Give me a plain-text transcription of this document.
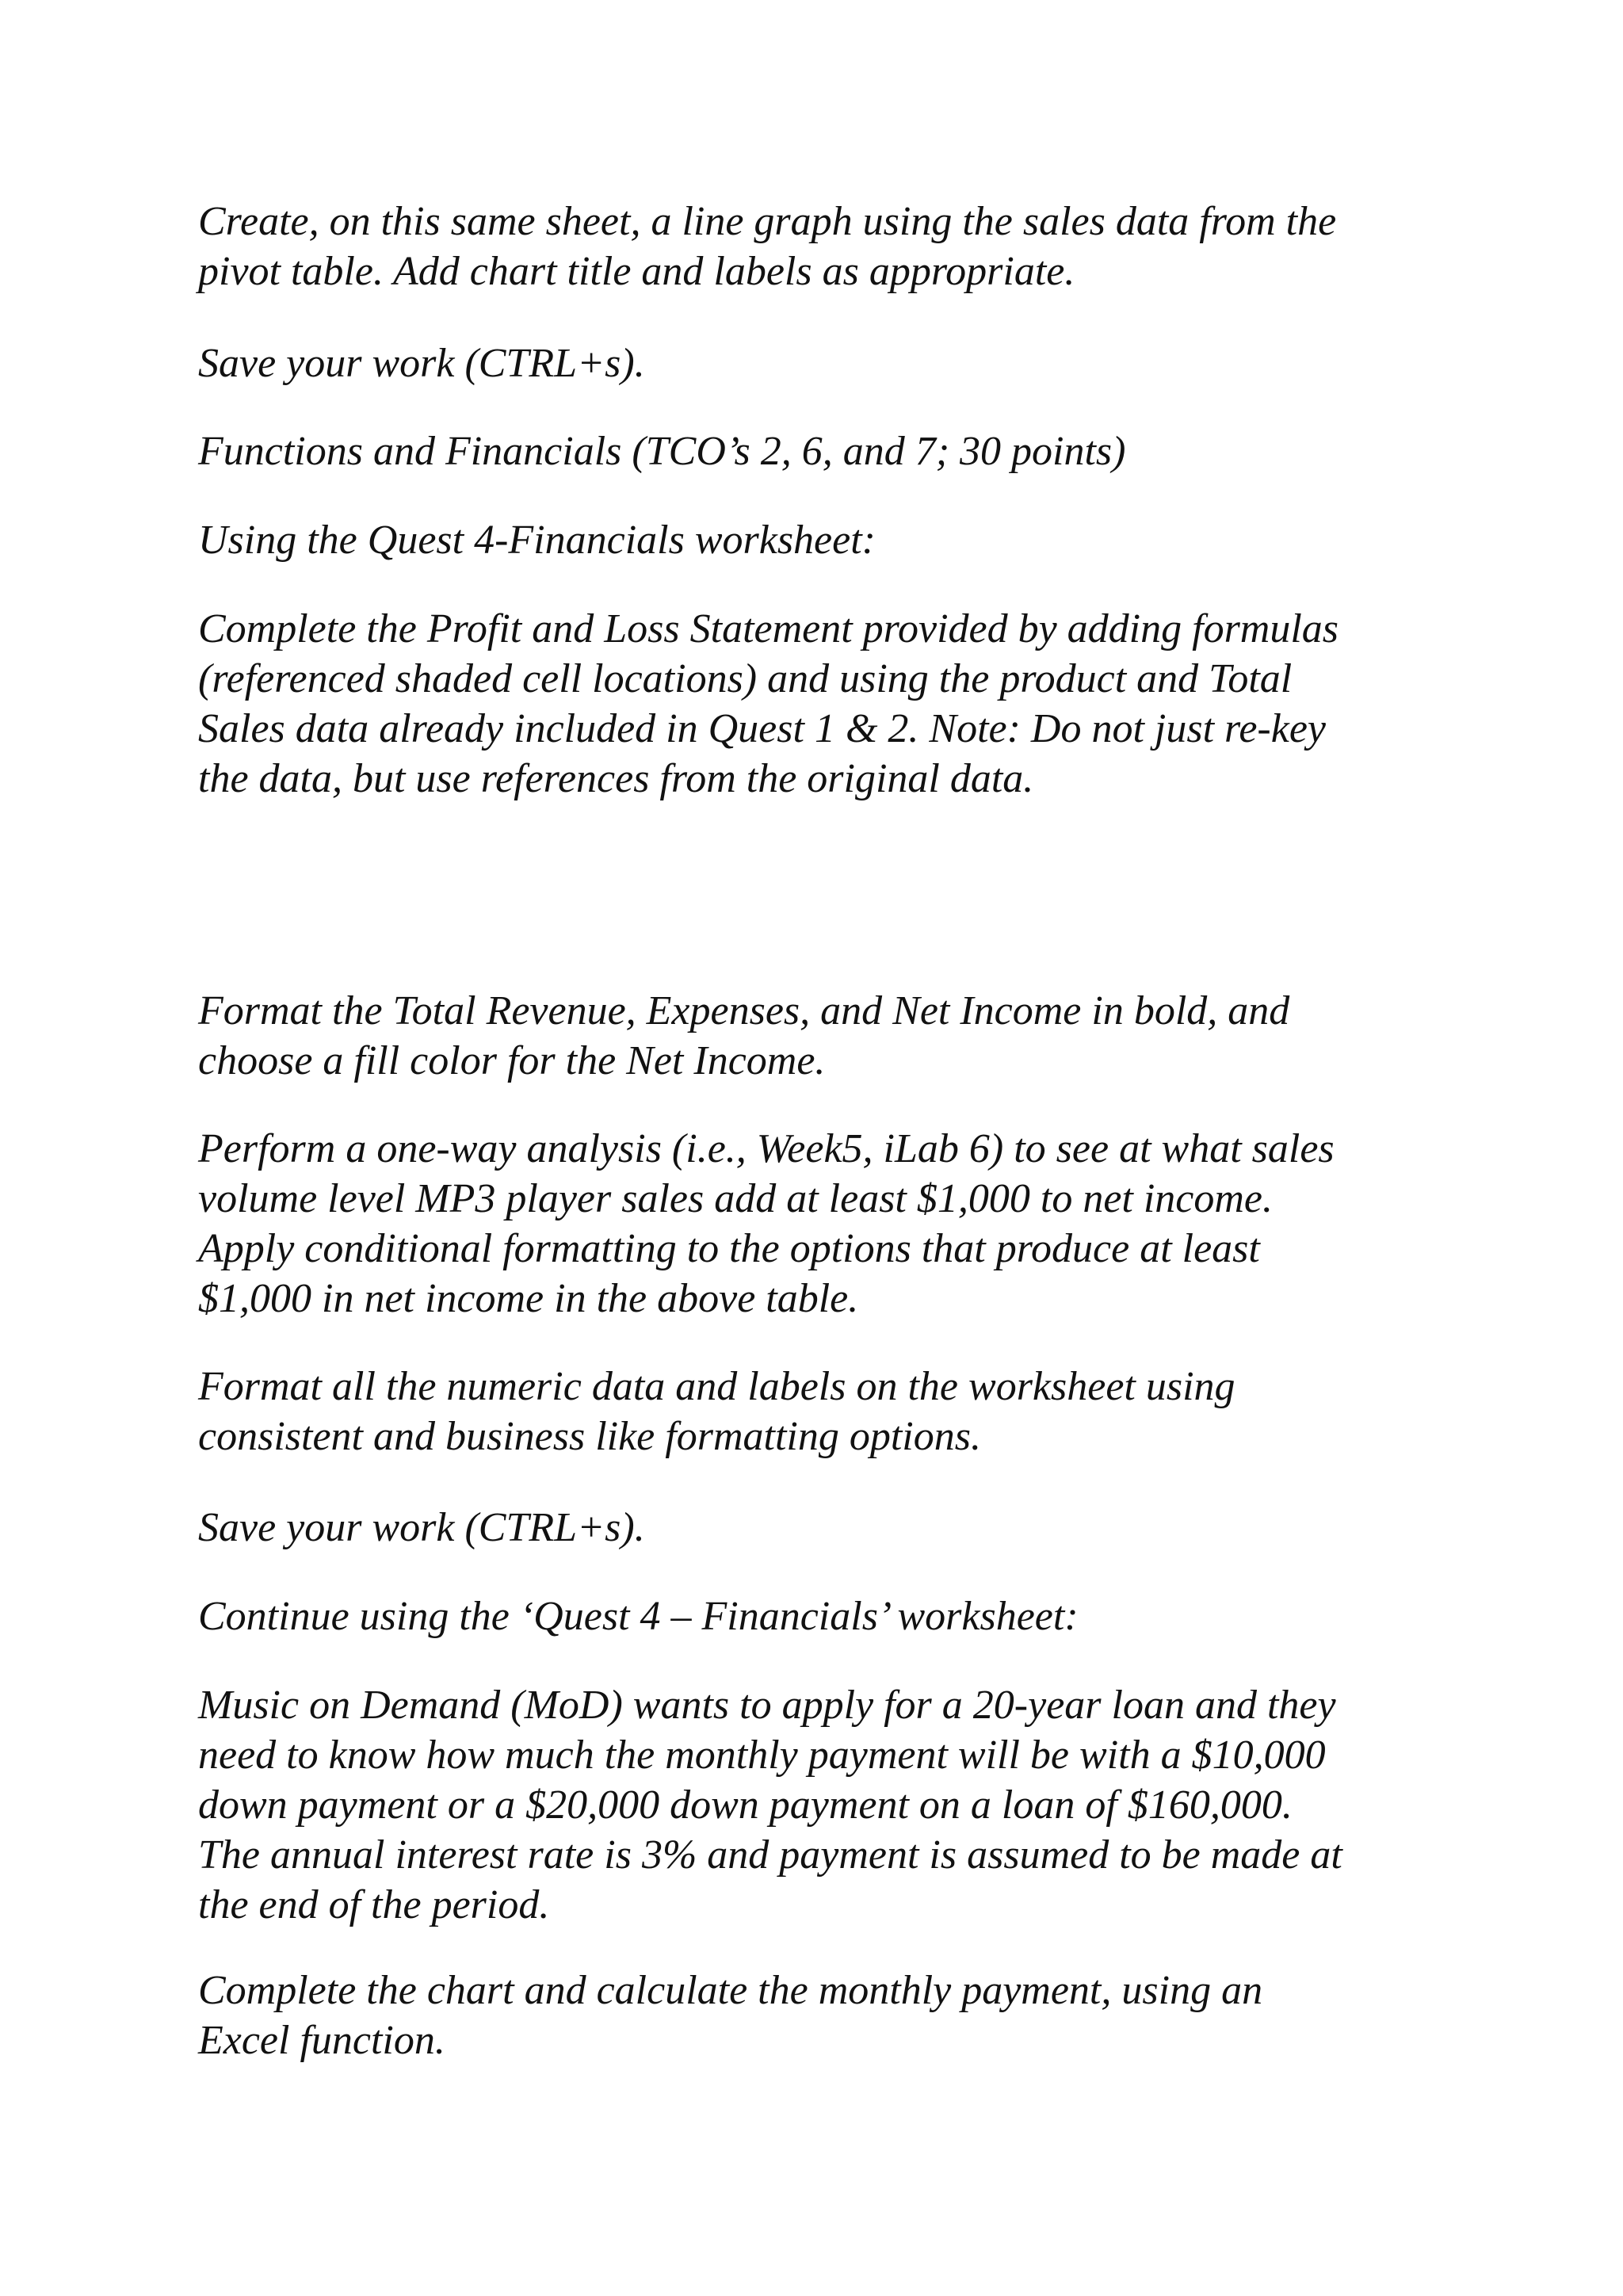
Create, on this same sheet, a line graph using the sales data from the
pivot table. Add chart title and labels as appropriate.

Save your work (CTRL+s).

Functions and Financials (TCO’s 2, 6, and 7; 30 points)

Using the Quest 4-Financials worksheet:

Complete the Profit and Loss Statement provided by adding formulas
(referenced shaded cell locations) and using the product and Total
Sales data already included in Quest 1 & 2. Note: Do not just re-key
the data, but use references from the original data.

Format the Total Revenue, Expenses, and Net Income in bold, and
choose a fill color for the Net Income.

Perform a one-way analysis (i.e., Week5, iLab 6) to see at what sales
volume level MP3 player sales add at least $1,000 to net income.
Apply conditional formatting to the options that produce at least
$1,000 in net income in the above table.

Format all the numeric data and labels on the worksheet using
consistent and business like formatting options.

Save your work (CTRL+s).

Continue using the ‘Quest 4 – Financials’ worksheet:

Music on Demand (MoD) wants to apply for a 20-year loan and they
need to know how much the monthly payment will be with a $10,000
down payment or a $20,000 down payment on a loan of $160,000.
The annual interest rate is 3% and payment is assumed to be made at
the end of the period.

Complete the chart and calculate the monthly payment, using an
Excel function.
